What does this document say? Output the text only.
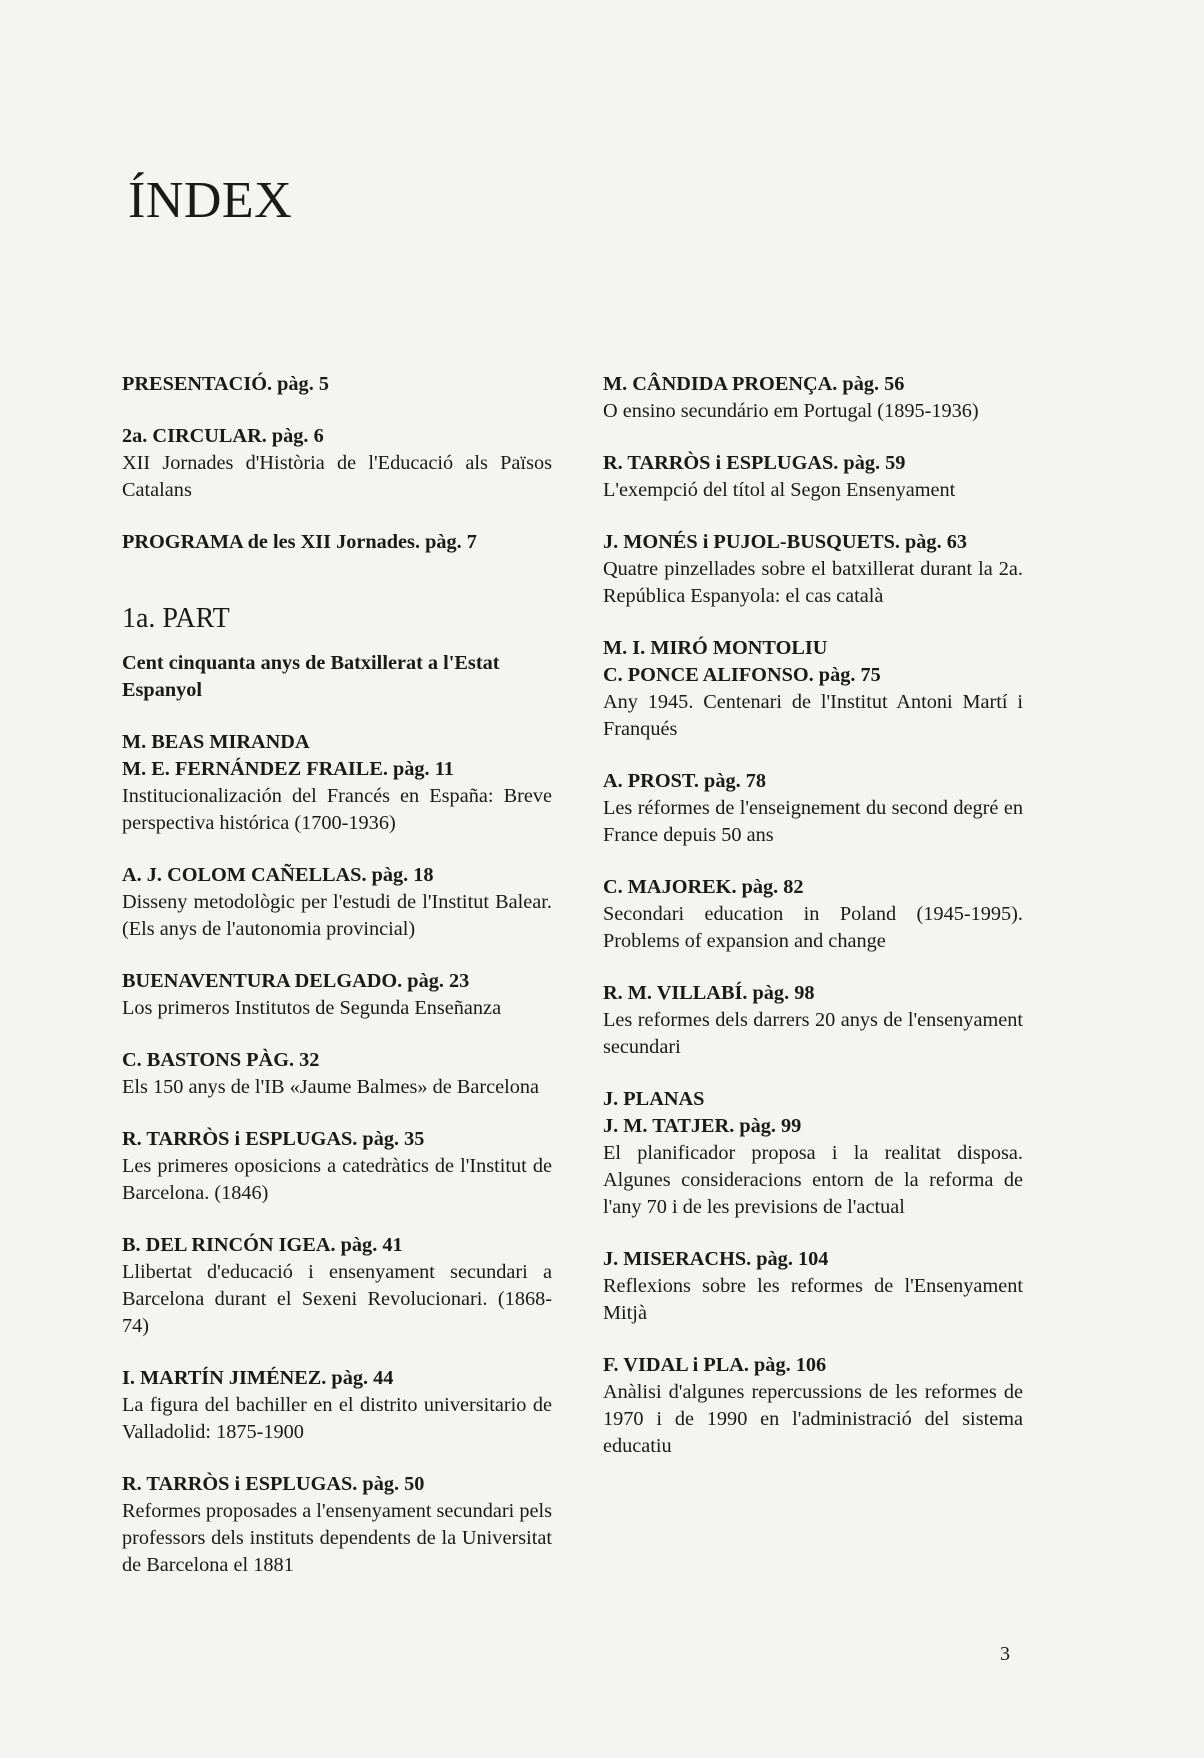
ÍNDEX
PRESENTACIÓ. pàg. 5
2a. CIRCULAR. pàg. 6
XII Jornades d'Història de l'Educació als Països Catalans
PROGRAMA de les XII Jornades. pàg. 7
1a. PART
Cent cinquanta anys de Batxillerat a l'Estat Espanyol
M. BEAS MIRANDA
M. E. FERNÁNDEZ FRAILE. pàg. 11
Institucionalización del Francés en España: Breve perspectiva histórica (1700-1936)
A. J. COLOM CAÑELLAS. pàg. 18
Disseny metodològic per l'estudi de l'Institut Balear. (Els anys de l'autonomia provincial)
BUENAVENTURA DELGADO. pàg. 23
Los primeros Institutos de Segunda Enseñanza
C. BASTONS PÀG. 32
Els 150 anys de l'IB «Jaume Balmes» de Barcelona
R. TARRÒS i ESPLUGAS. pàg. 35
Les primeres oposicions a catedràtics de l'Institut de Barcelona. (1846)
B. DEL RINCÓN IGEA. pàg. 41
Llibertat d'educació i ensenyament secundari a Barcelona durant el Sexeni Revolucionari. (1868-74)
I. MARTÍN JIMÉNEZ. pàg. 44
La figura del bachiller en el distrito universitario de Valladolid: 1875-1900
R. TARRÒS i ESPLUGAS. pàg. 50
Reformes proposades a l'ensenyament secundari pels professors dels instituts dependents de la Universitat de Barcelona el 1881
M. CÂNDIDA PROENÇA. pàg. 56
O ensino secundário em Portugal (1895-1936)
R. TARRÒS i ESPLUGAS. pàg. 59
L'exempció del títol al Segon Ensenyament
J. MONÉS i PUJOL-BUSQUETS. pàg. 63
Quatre pinzellades sobre el batxillerat durant la 2a. República Espanyola: el cas català
M. I. MIRÓ MONTOLIU
C. PONCE ALIFONSO. pàg. 75
Any 1945. Centenari de l'Institut Antoni Martí i Franqués
A. PROST. pàg. 78
Les réformes de l'enseignement du second degré en France depuis 50 ans
C. MAJOREK. pàg. 82
Secondari education in Poland (1945-1995). Problems of expansion and change
R. M. VILLABÍ. pàg. 98
Les reformes dels darrers 20 anys de l'ensenyament secundari
J. PLANAS
J. M. TATJER. pàg. 99
El planificador proposa i la realitat disposa. Algunes consideracions entorn de la reforma de l'any 70 i de les previsions de l'actual
J. MISERACHS. pàg. 104
Reflexions sobre les reformes de l'Ensenyament Mitjà
F. VIDAL i PLA. pàg. 106
Anàlisi d'algunes repercussions de les reformes de 1970 i de 1990 en l'administració del sistema educatiu
3
